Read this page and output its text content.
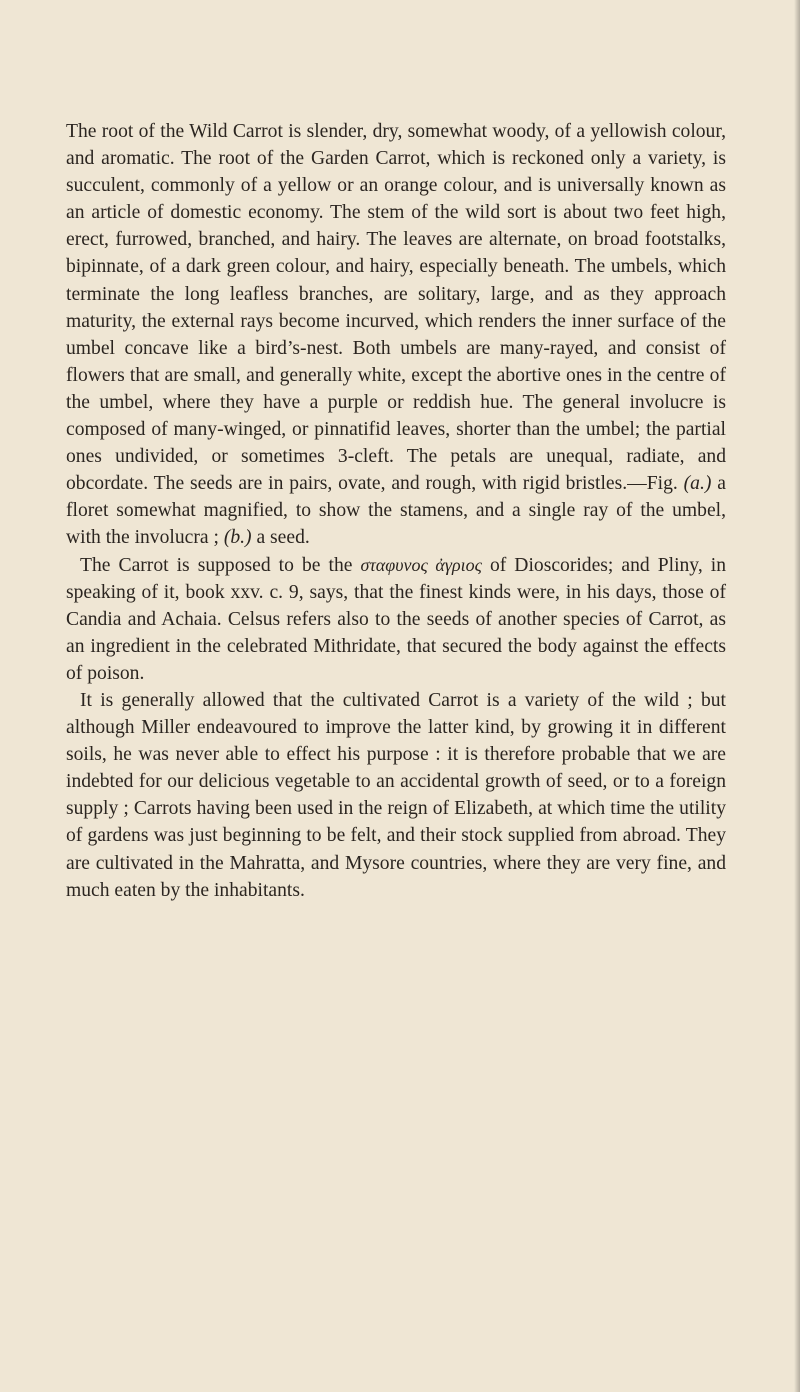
The root of the Wild Carrot is slender, dry, somewhat woody, of a yellowish colour, and aromatic. The root of the Garden Carrot, which is reckoned only a variety, is succulent, commonly of a yellow or an orange colour, and is universally known as an article of domestic economy. The stem of the wild sort is about two feet high, erect, furrowed, branched, and hairy. The leaves are alternate, on broad footstalks, bipinnate, of a dark green colour, and hairy, especially beneath. The umbels, which terminate the long leafless branches, are solitary, large, and as they approach maturity, the external rays become incurved, which renders the inner surface of the umbel concave like a bird’s-nest. Both umbels are many-rayed, and consist of flowers that are small, and generally white, except the abortive ones in the centre of the umbel, where they have a purple or reddish hue. The general involucre is composed of many-winged, or pinnatifid leaves, shorter than the umbel; the partial ones undivided, or sometimes 3-cleft. The petals are unequal, radiate, and obcordate. The seeds are in pairs, ovate, and rough, with rigid bristles.—Fig. (a.) a floret somewhat magnified, to show the stamens, and a single ray of the umbel, with the involucra ; (b.) a seed.

The Carrot is supposed to be the σταφυνος ἀγριος of Dioscorides; and Pliny, in speaking of it, book xxv. c. 9, says, that the finest kinds were, in his days, those of Candia and Achaia. Celsus refers also to the seeds of another species of Carrot, as an ingredient in the celebrated Mithridate, that secured the body against the effects of poison.

It is generally allowed that the cultivated Carrot is a variety of the wild ; but although Miller endeavoured to improve the latter kind, by growing it in different soils, he was never able to effect his purpose : it is therefore probable that we are indebted for our delicious vegetable to an accidental growth of seed, or to a foreign supply ; Carrots having been used in the reign of Elizabeth, at which time the utility of gardens was just beginning to be felt, and their stock supplied from abroad. They are cultivated in the Mahratta, and Mysore countries, where they are very fine, and much eaten by the inhabitants.
